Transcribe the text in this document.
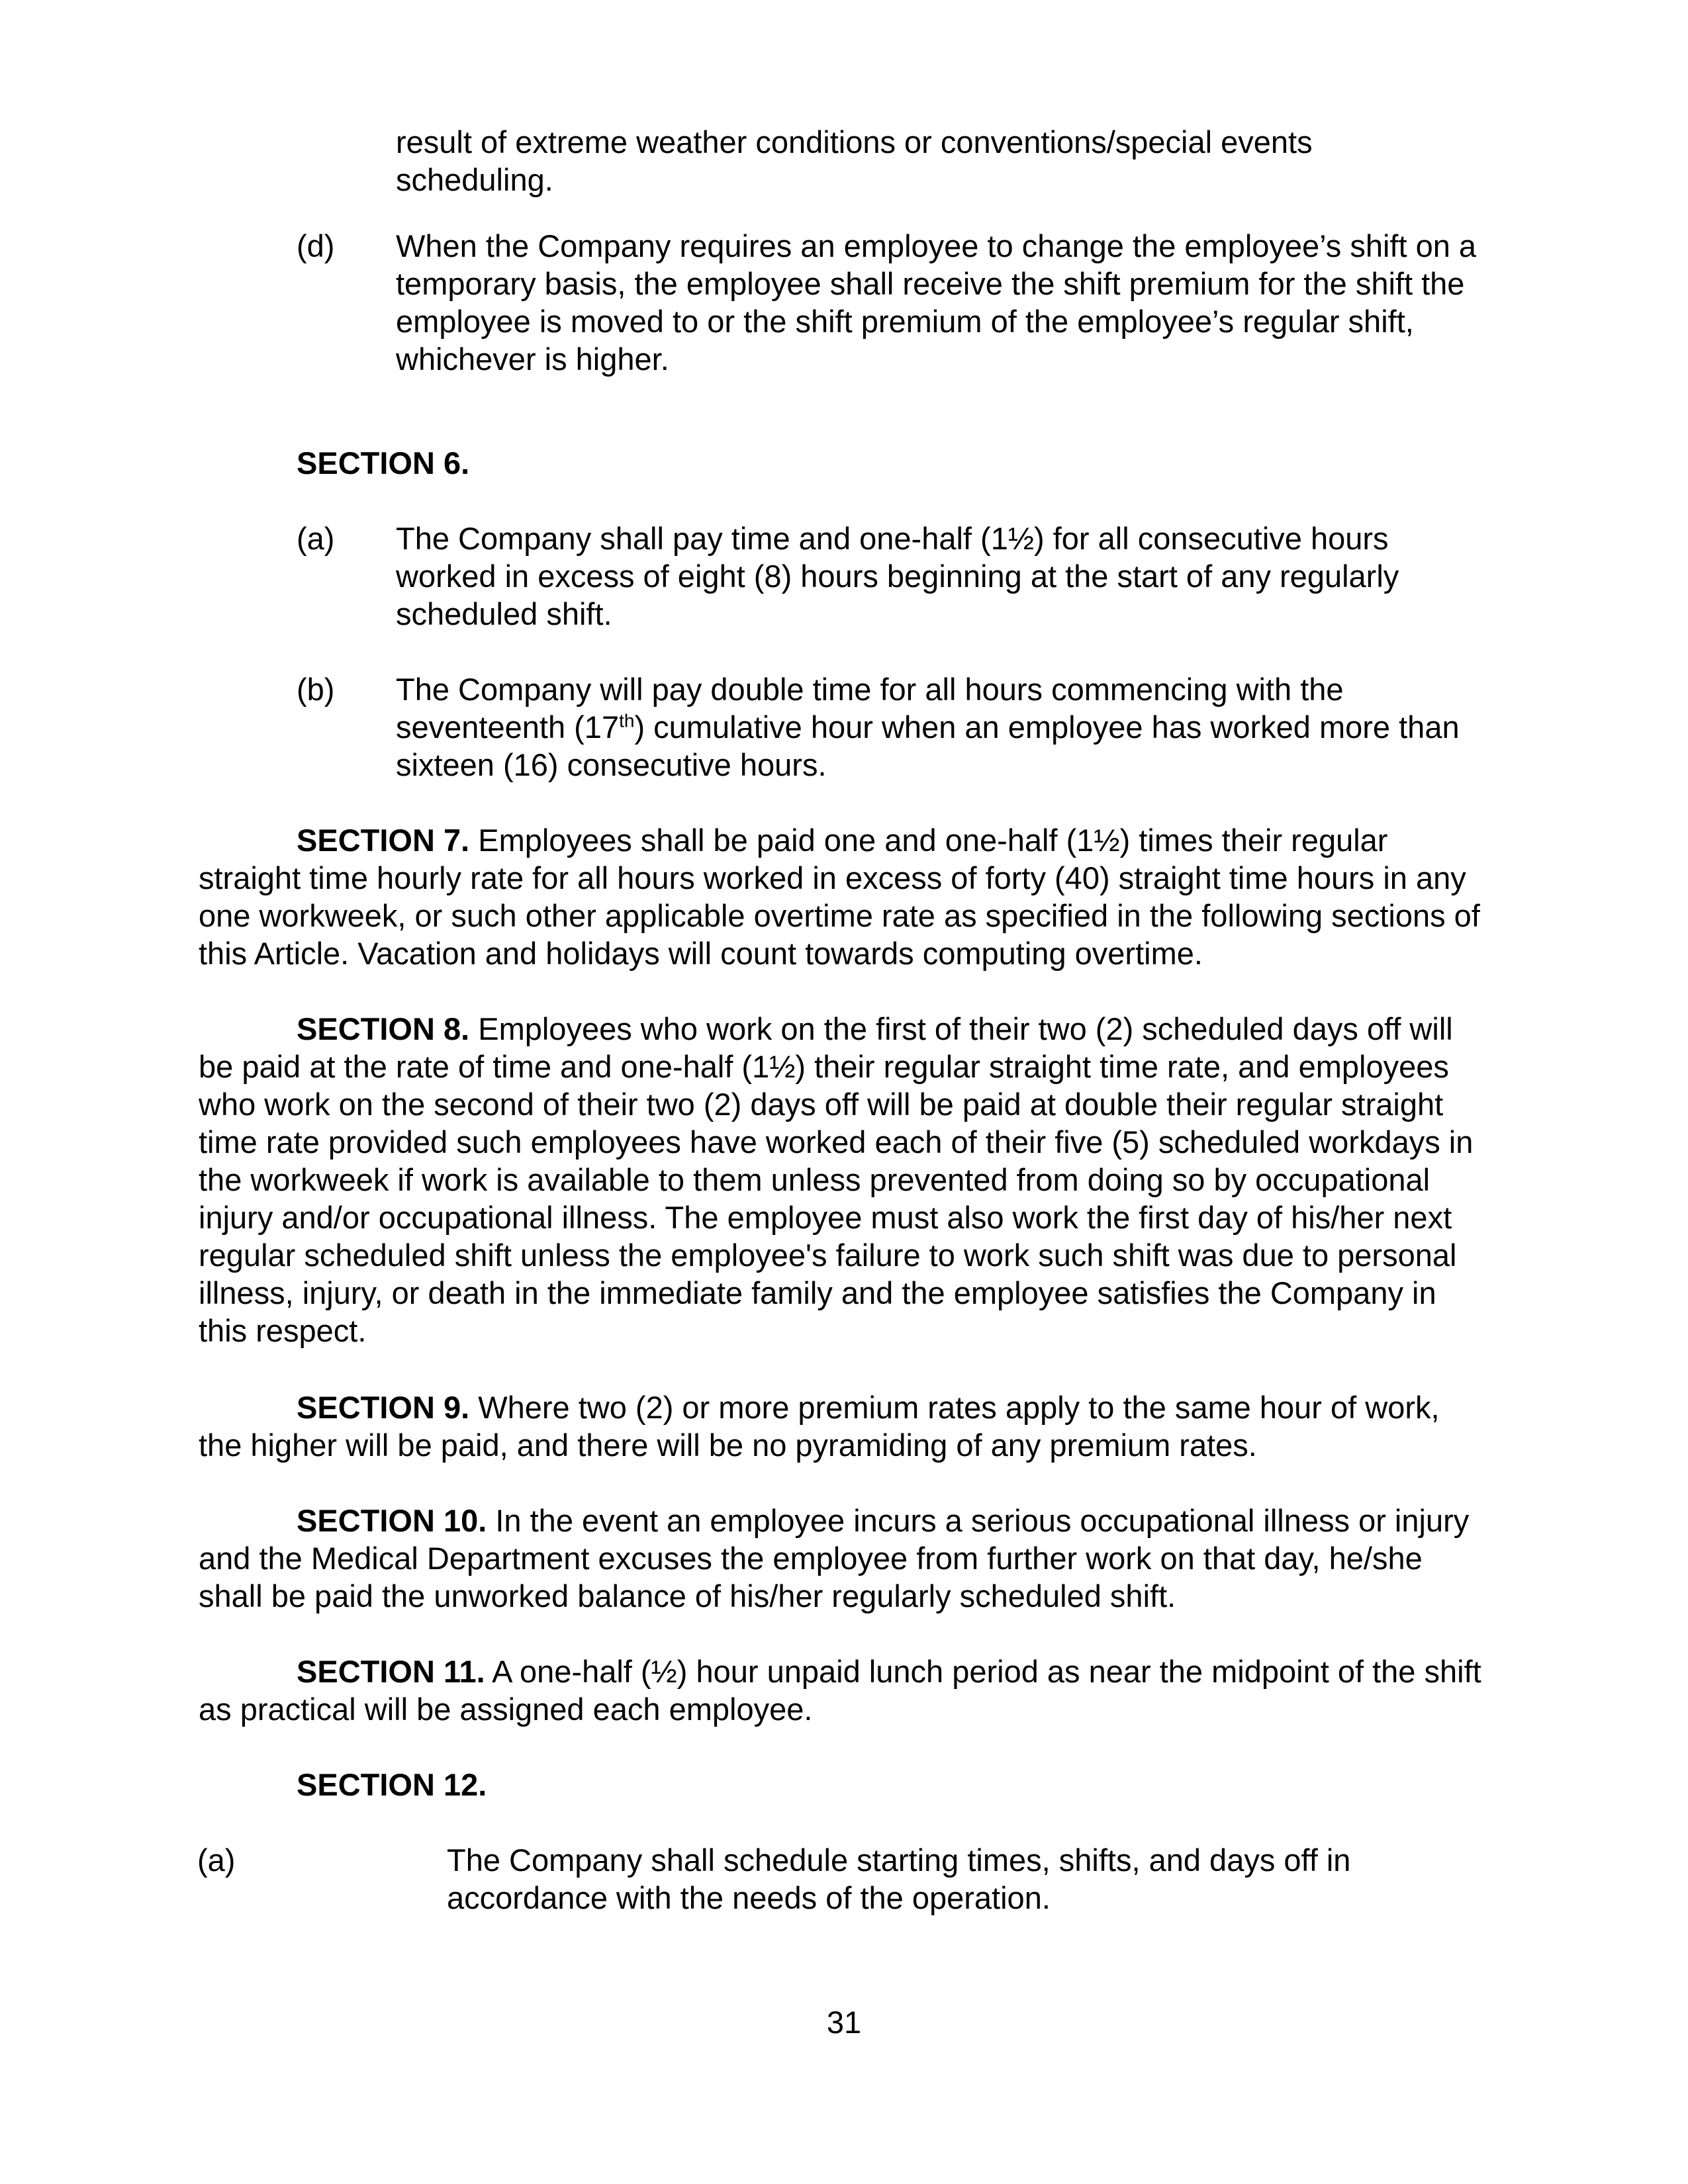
result of extreme weather conditions or conventions/special events
scheduling.
(d) When the Company requires an employee to change the employee’s shift on a temporary basis, the employee shall receive the shift premium for the shift the employee is moved to or the shift premium of the employee’s regular shift, whichever is higher.
SECTION 6.
(a) The Company shall pay time and one-half (1½) for all consecutive hours worked in excess of eight (8) hours beginning at the start of any regularly scheduled shift.
(b) The Company will pay double time for all hours commencing with the seventeenth (17th) cumulative hour when an employee has worked more than sixteen (16) consecutive hours.
SECTION 7. Employees shall be paid one and one-half (1½) times their regular straight time hourly rate for all hours worked in excess of forty (40) straight time hours in any one workweek, or such other applicable overtime rate as specified in the following sections of this Article. Vacation and holidays will count towards computing overtime.
SECTION 8. Employees who work on the first of their two (2) scheduled days off will be paid at the rate of time and one-half (1½) their regular straight time rate, and employees who work on the second of their two (2) days off will be paid at double their regular straight time rate provided such employees have worked each of their five (5) scheduled workdays in the workweek if work is available to them unless prevented from doing so by occupational injury and/or occupational illness. The employee must also work the first day of his/her next regular scheduled shift unless the employee's failure to work such shift was due to personal illness, injury, or death in the immediate family and the employee satisfies the Company in this respect.
SECTION 9. Where two (2) or more premium rates apply to the same hour of work, the higher will be paid, and there will be no pyramiding of any premium rates.
SECTION 10. In the event an employee incurs a serious occupational illness or injury and the Medical Department excuses the employee from further work on that day, he/she shall be paid the unworked balance of his/her regularly scheduled shift.
SECTION 11. A one-half (½) hour unpaid lunch period as near the midpoint of the shift as practical will be assigned each employee.
SECTION 12.
(a)	The Company shall schedule starting times, shifts, and days off in accordance with the needs of the operation.
31
